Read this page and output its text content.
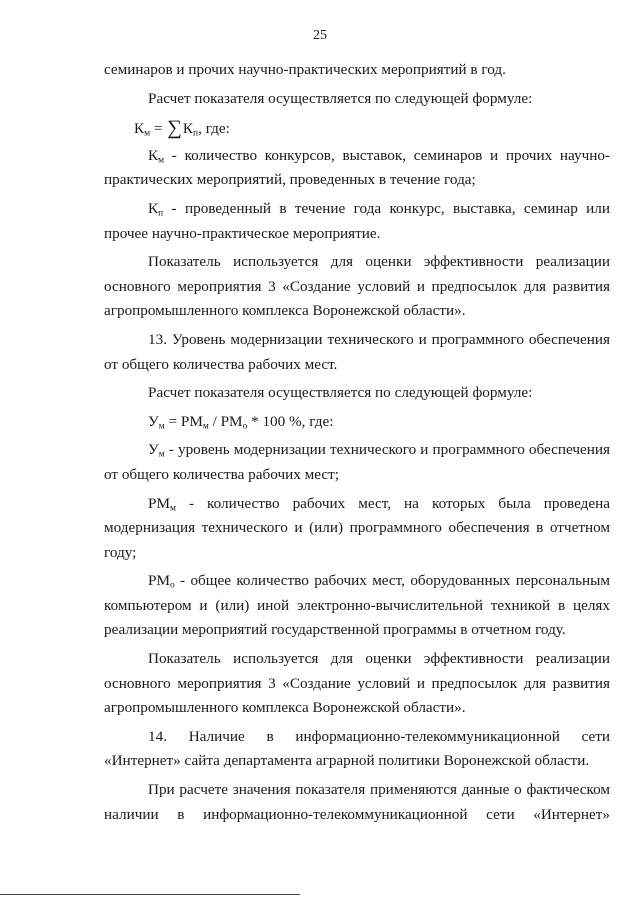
25
семинаров и прочих научно-практических мероприятий в год.
Расчет показателя осуществляется по следующей формуле:
$К_м = \sum К_п$, где:
$К_м$ - количество конкурсов, выставок, семинаров и прочих научно-
практических мероприятий, проведенных в течение года;
$К_п$ - проведенный в течение года конкурс, выставка, семинар или
прочее научно-практическое мероприятие.
Показатель используется для оценки эффективности реализации
основного мероприятия 3 «Создание условий и предпосылок для развития
агропромышленного комплекса Воронежской области».
13. Уровень модернизации технического и программного обеспечения
от общего количества рабочих мест.
Расчет показателя осуществляется по следующей формуле:
$У_м = РМ_м / РМ_о * 100$ %, где:
$У_м$ - уровень модернизации технического и программного обеспечения
от общего количества рабочих мест;
$РМ_м$ - количество рабочих мест, на которых была проведена
модернизация технического и (или) программного обеспечения в отчетном
году;
$РМ_о$ - общее количество рабочих мест, оборудованных персональным
компьютером и (или) иной электронно-вычислительной техникой в целях
реализации мероприятий государственной программы в отчетном году.
Показатель используется для оценки эффективности реализации
основного мероприятия 3 «Создание условий и предпосылок для развития
агропромышленного комплекса Воронежской области».
14. Наличие в информационно-телекоммуникационной сети
«Интернет» сайта департамента аграрной политики Воронежской области.
При расчете значения показателя применяются данные о фактическом
наличии в информационно-телекоммуникационной сети «Интернет»
